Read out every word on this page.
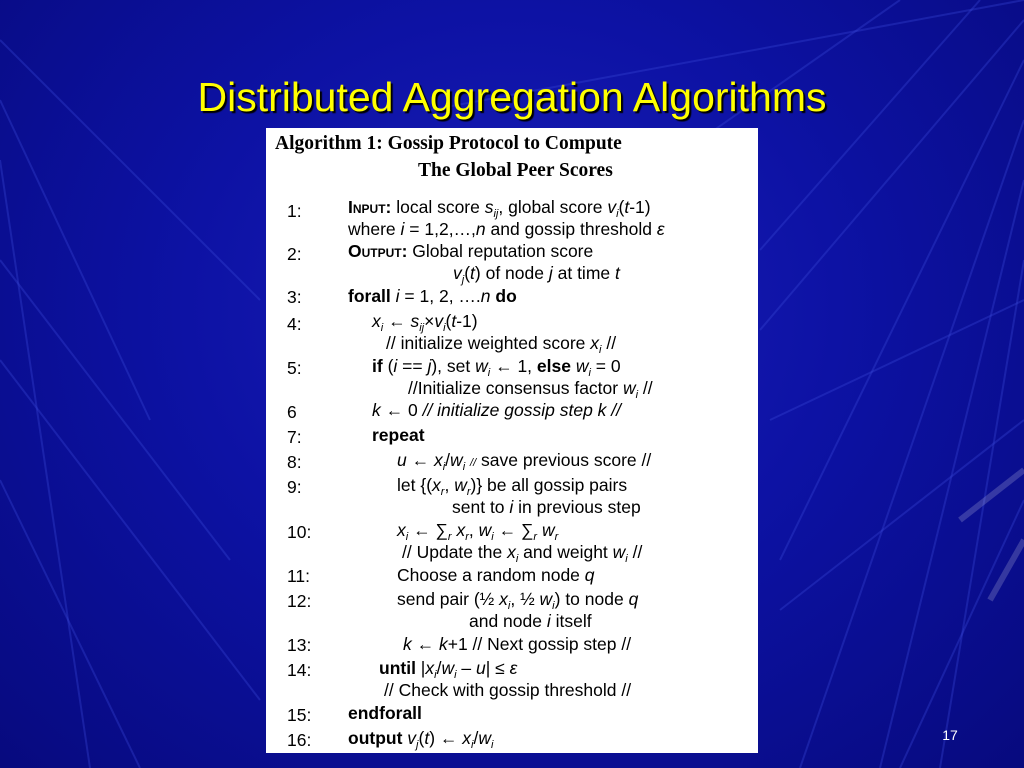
Distributed Aggregation Algorithms
Algorithm 1: Gossip Protocol to Compute
The Global Peer Scores
1:
2:
3:
4:
5:
6
7:
8:
9:
10:
11:
12:
13:
14:
15:
16:
Input: local score $s_{ij}$, global score $v_i(t-1)$
where i = 1,2,…,n and gossip threshold ε
Output: Global reputation score
$v_j(t)$ of node j at time t
forall i = 1, 2, ….n do
$x_i$ ← $s_{ij}\times v_i(t-1)$
// initialize weighted score $x_i$ //
if (i == j), set $w_i$ ← 1, else $w_i = 0$
//Initialize consensus factor $w_i$ //
k ← 0 // initialize gossip step k //
repeat
u ← $x_i/w_i$ // save previous score //
let {($x_r$, $w_r$)} be all gossip pairs
sent to i in previous step
$x_i$ ← $\sum_r$ $x_r$, $w_i$ ← $\sum_r$ $w_r$
// Update the $x_i$ and weight $w_i$ //
Choose a random node q
send pair (½ $x_i$, ½ $w_i$) to node q
and node i itself
k ← k+1 // Next gossip step //
until $|x_i/w_i - u| \le \varepsilon$
// Check with gossip threshold //
endforall
output $v_j(t)$ ← $x_i/w_i$
17
